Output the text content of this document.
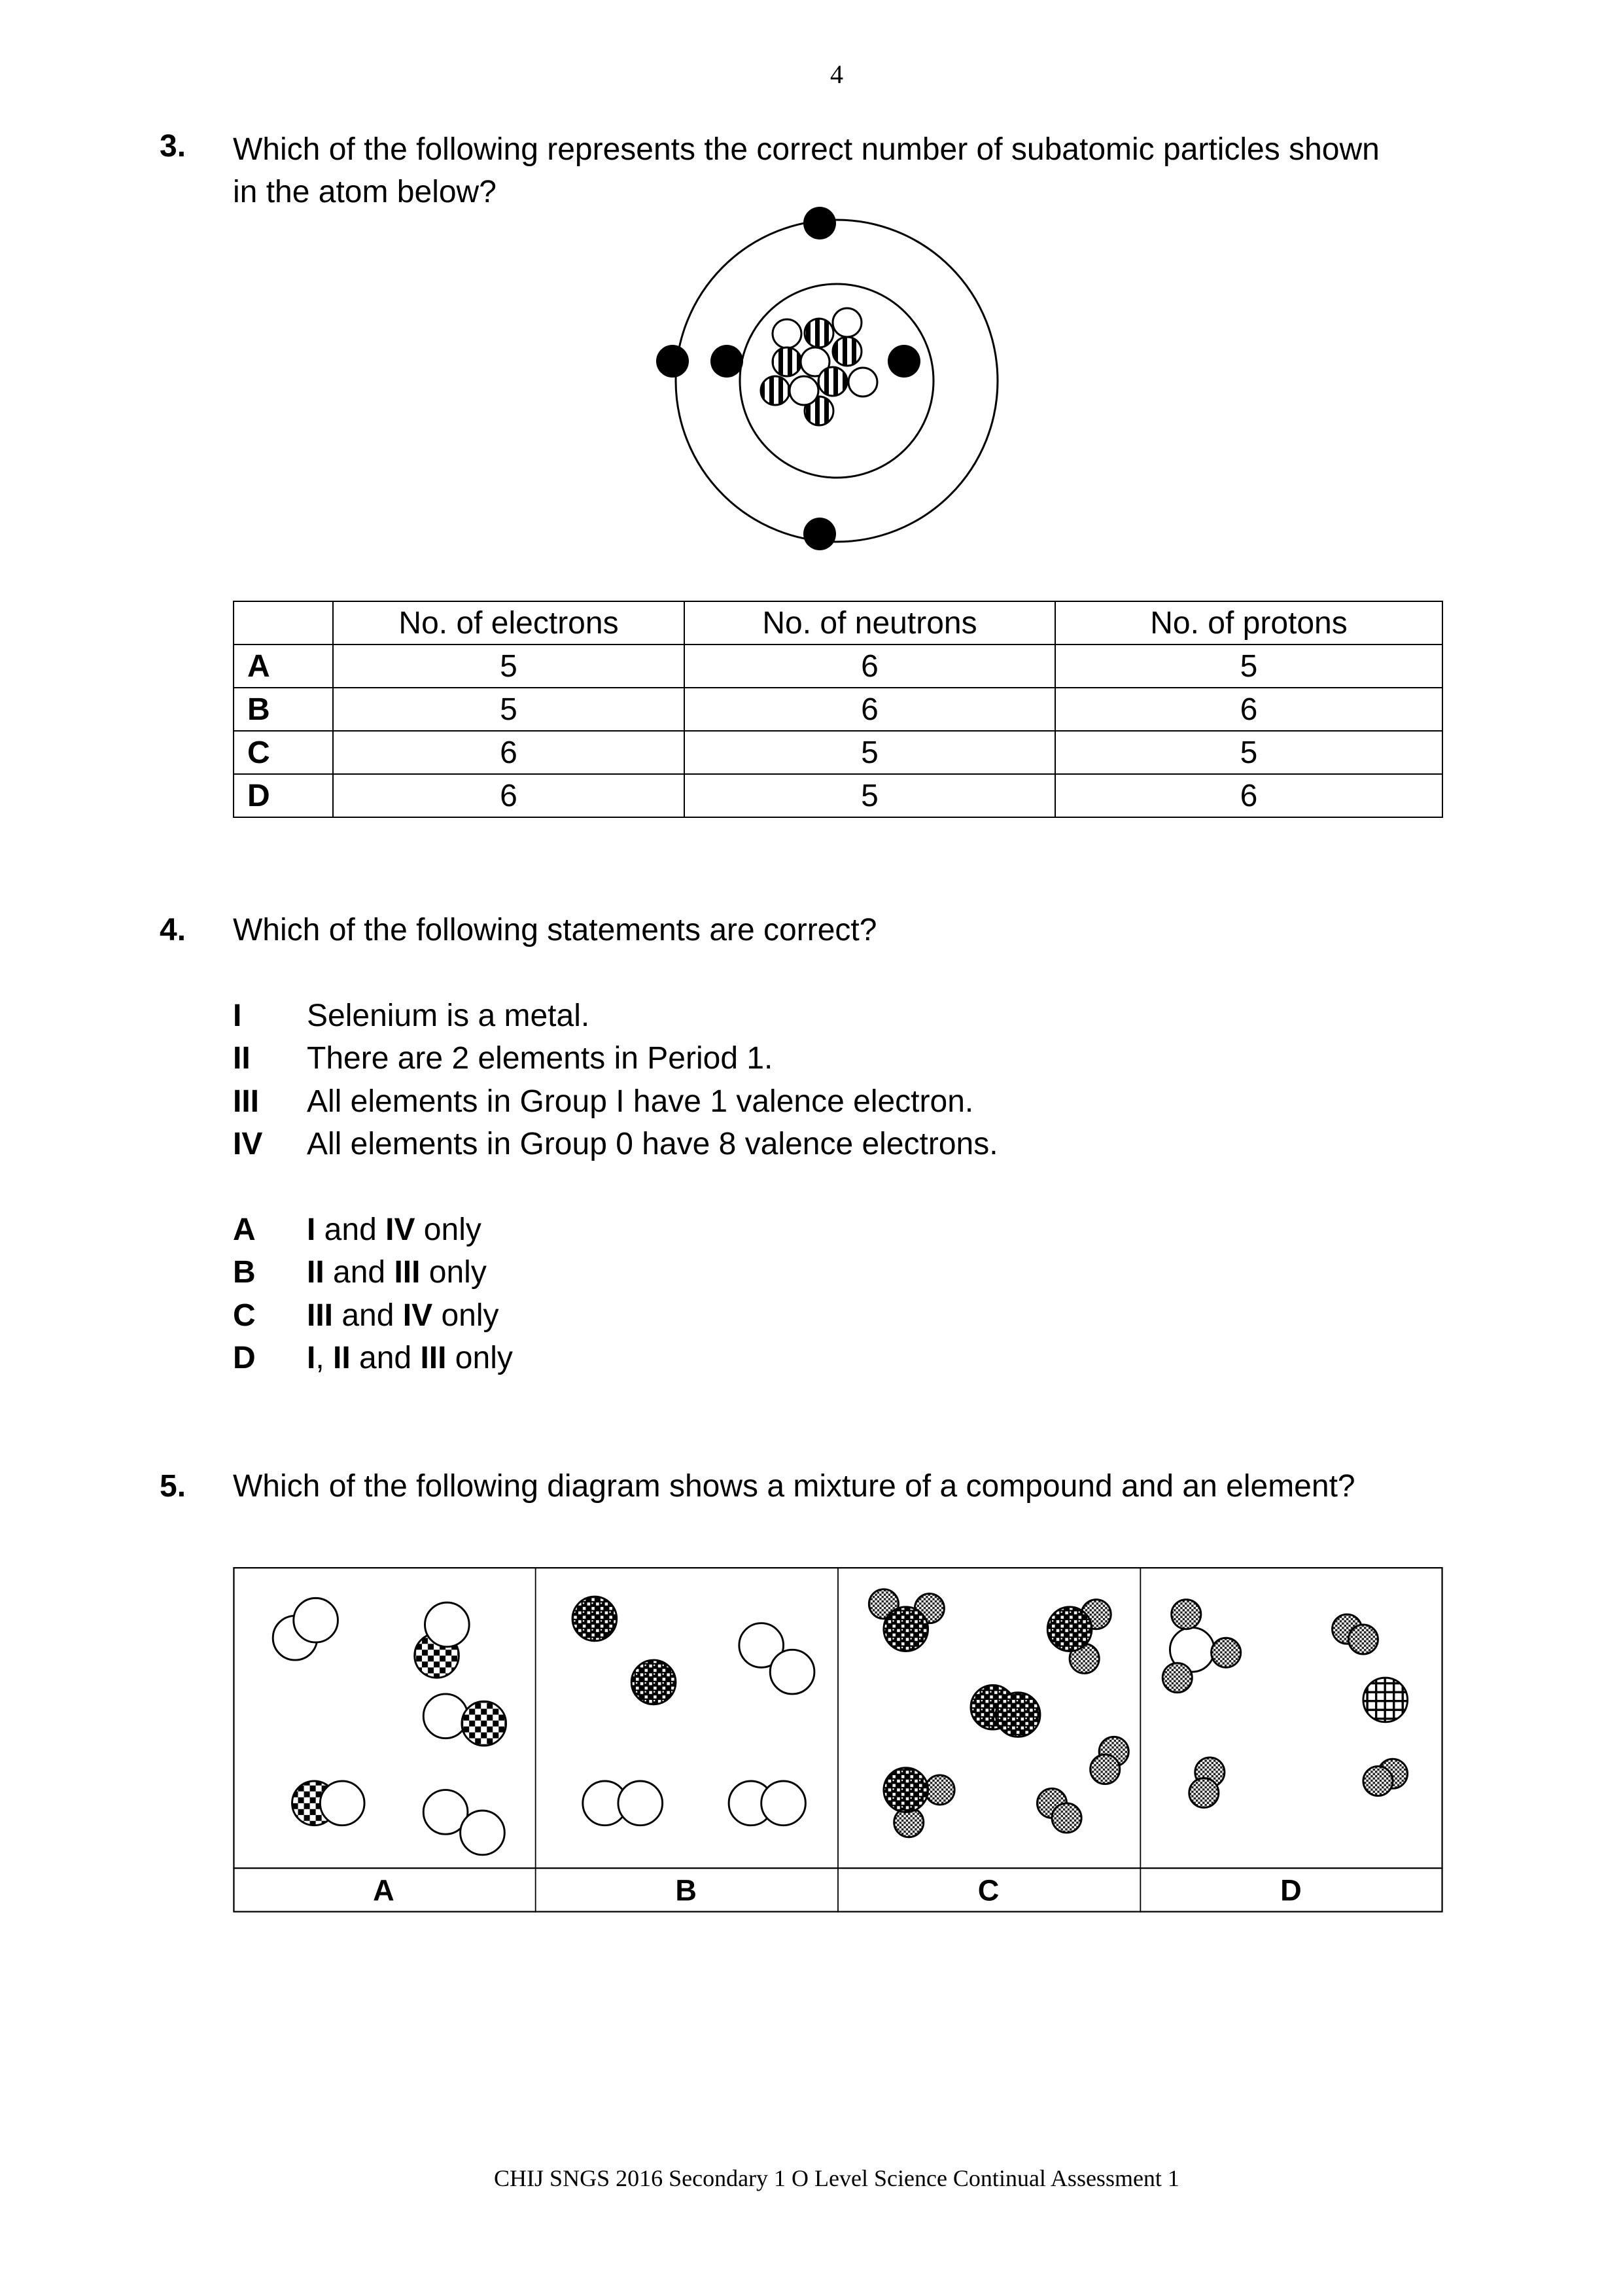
4
3. Which of the following represents the correct number of subatomic particles shown
in the atom below?
	No. of electrons	No. of neutrons	No. of protons
A	5	6	5
B	5	6	6
C	6	5	5
D	6	5	6
4. Which of the following statements are correct?
I Selenium is a metal.
II There are 2 elements in Period 1.
III All elements in Group I have 1 valence electron.
IV All elements in Group 0 have 8 valence electrons.
A I and IV only
B II and III only
C III and IV only
D I, II and III only
5. Which of the following diagram shows a mixture of a compound and an element?
A	B	C	D
CHIJ SNGS 2016 Secondary 1 O Level Science Continual Assessment 1
